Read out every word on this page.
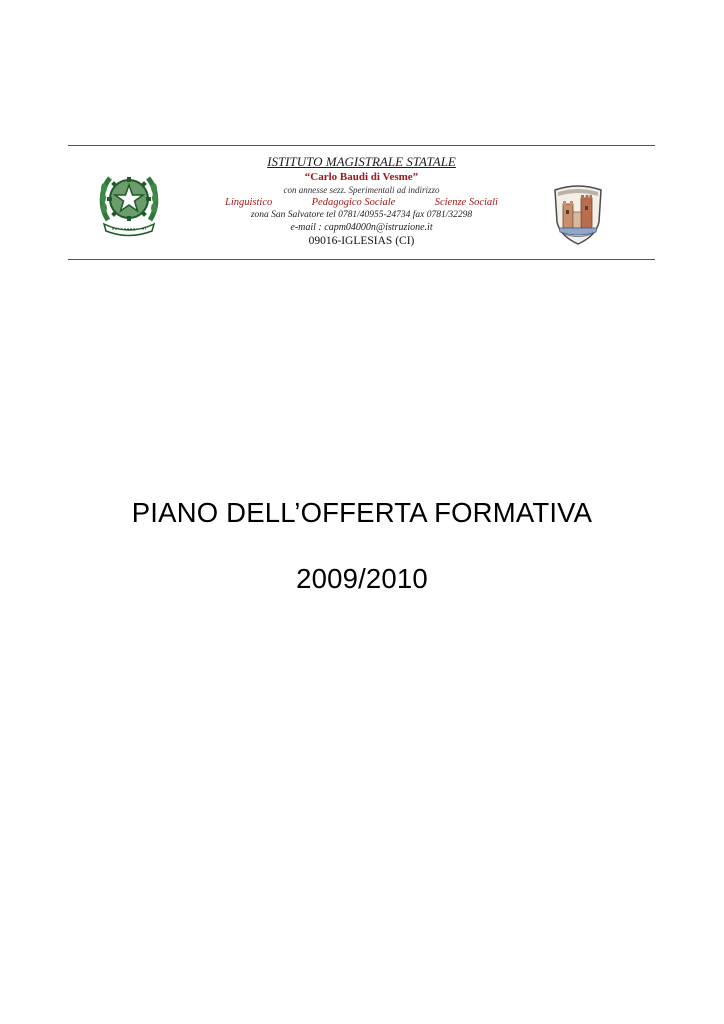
ISTITUTO MAGISTRALE STATALE
“Carlo Baudi di Vesme”
con annesse sezz. Sperimentali ad indirizzo
Linguistico	Pedagogico Sociale	Scienze Sociali
zona San Salvatore tel 0781/40955-24734 fax 0781/32298
e-mail : capm04000n@istruzione.it
09016-IGLESIAS (CI)
PIANO DELL’OFFERTA FORMATIVA
2009/2010
